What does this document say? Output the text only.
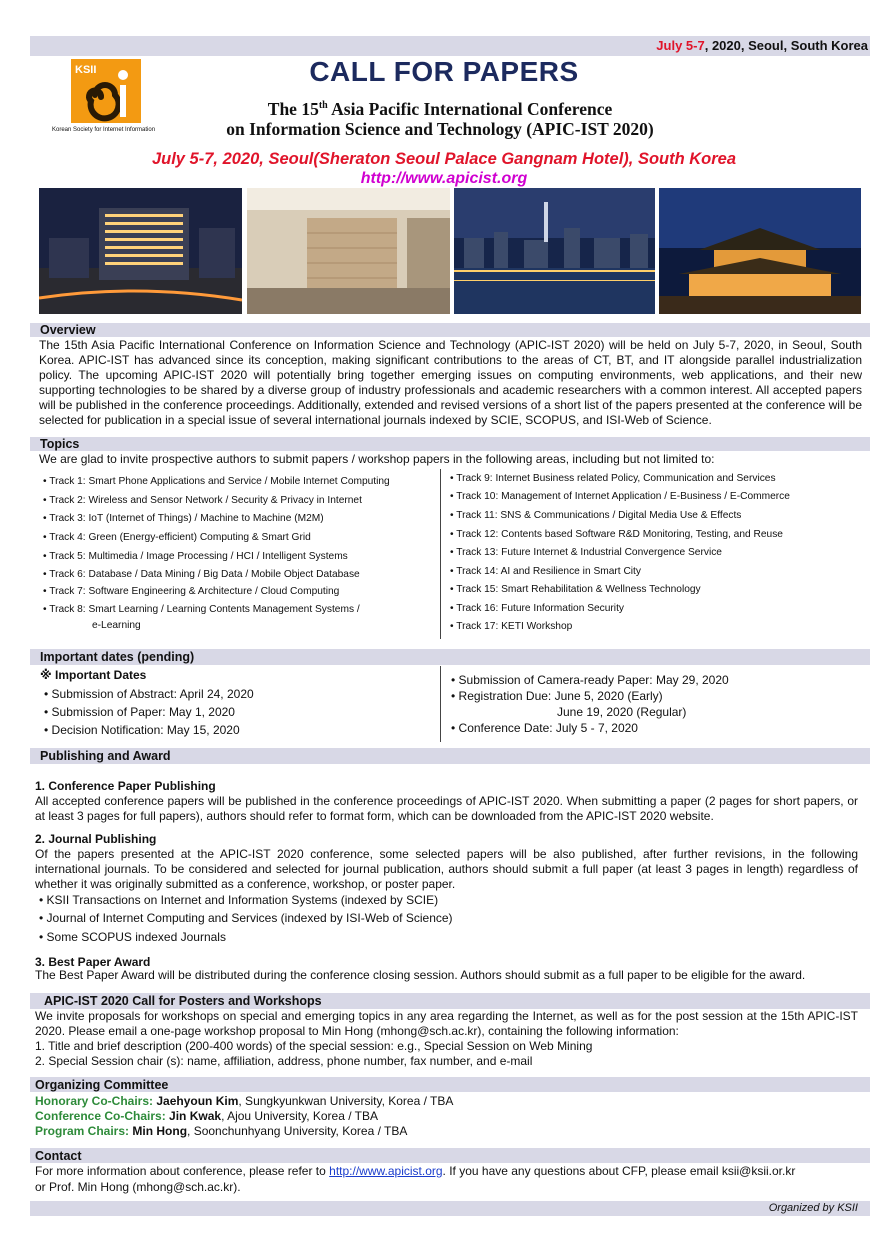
July 5-7, 2020, Seoul, South Korea
KSII
Korean Society for Internet Information
CALL FOR PAPERS
The 15th Asia Pacific International Conference
on Information Science and Technology (APIC-IST 2020)
July 5-7, 2020, Seoul(Sheraton Seoul Palace Gangnam Hotel), South Korea
http://www.apicist.org
Overview
The 15th Asia Pacific International Conference on Information Science and Technology (APIC-IST 2020) will be held on July 5-7, 2020, in Seoul, South Korea. APIC-IST has advanced since its conception, making significant contributions to the areas of CT, BT, and IT alongside parallel industrialization policy. The upcoming APIC-IST 2020 will potentially bring together emerging issues on computing environments, web applications, and their new supporting technologies to be shared by a diverse group of industry professionals and academic researchers with a common interest. All accepted papers will be published in the conference proceedings. Additionally, extended and revised versions of a short list of the papers presented at the conference will be selected for publication in a special issue of several international journals indexed by SCIE, SCOPUS, and ISI-Web of Science.
Topics
We are glad to invite prospective authors to submit papers / workshop papers in the following areas, including but not limited to:
• Track 1: Smart Phone Applications and Service / Mobile Internet Computing
• Track 2: Wireless and Sensor Network / Security & Privacy in Internet
• Track 3: IoT (Internet of Things) / Machine to Machine (M2M)
• Track 4: Green (Energy-efficient) Computing & Smart Grid
• Track 5: Multimedia / Image Processing / HCI / Intelligent Systems
• Track 6: Database / Data Mining / Big Data / Mobile Object Database
• Track 7: Software Engineering & Architecture / Cloud Computing
• Track 8: Smart Learning / Learning Contents Management Systems /
e-Learning
• Track 9: Internet Business related Policy, Communication and Services
• Track 10: Management of Internet Application / E-Business / E-Commerce
• Track 11: SNS & Communications / Digital Media Use & Effects
• Track 12: Contents based Software R&D Monitoring, Testing, and Reuse
• Track 13: Future Internet & Industrial Convergence Service
• Track 14: AI and Resilience in Smart City
• Track 15: Smart Rehabilitation & Wellness Technology
• Track 16: Future Information Security
• Track 17: KETI Workshop
Important dates (pending)
※ Important Dates
• Submission of Abstract: April 24, 2020
• Submission of Paper: May 1, 2020
• Decision Notification: May 15, 2020
• Submission of Camera-ready Paper: May 29, 2020
• Registration Due: June 5, 2020 (Early)
June 19, 2020 (Regular)
• Conference Date: July 5 - 7, 2020
Publishing and Award
1. Conference Paper Publishing
All accepted conference papers will be published in the conference proceedings of APIC-IST 2020. When submitting a paper (2 pages for short papers, or at least 3 pages for full papers), authors should refer to format form, which can be downloaded from the APIC-IST 2020 website.
2. Journal Publishing
Of the papers presented at the APIC-IST 2020 conference, some selected papers will be also published, after further revisions, in the following international journals. To be considered and selected for journal publication, authors should submit a full paper (at least 3 pages in length) regardless of whether it was originally submitted as a conference, workshop, or poster paper.
• KSII Transactions on Internet and Information Systems (indexed by SCIE)
• Journal of Internet Computing and Services (indexed by ISI-Web of Science)
• Some SCOPUS indexed Journals
3. Best Paper Award
The Best Paper Award will be distributed during the conference closing session. Authors should submit as a full paper to be eligible for the award.
APIC-IST 2020 Call for Posters and Workshops
We invite proposals for workshops on special and emerging topics in any area regarding the Internet, as well as for the post session at the 15th APIC-IST 2020. Please email a one-page workshop proposal to Min Hong (mhong@sch.ac.kr), containing the following information:
1. Title and brief description (200-400 words) of the special session: e.g., Special Session on Web Mining
2. Special Session chair (s): name, affiliation, address, phone number, fax number, and e-mail
Organizing Committee
Honorary Co-Chairs: Jaehyoun Kim, Sungkyunkwan University, Korea / TBA
Conference Co-Chairs: Jin Kwak, Ajou University, Korea / TBA
Program Chairs: Min Hong, Soonchunhyang University, Korea / TBA
Contact
For more information about conference, please refer to http://www.apicist.org. If you have any questions about CFP, please email ksii@ksii.or.kr
or Prof. Min Hong (mhong@sch.ac.kr).
Organized by KSII
